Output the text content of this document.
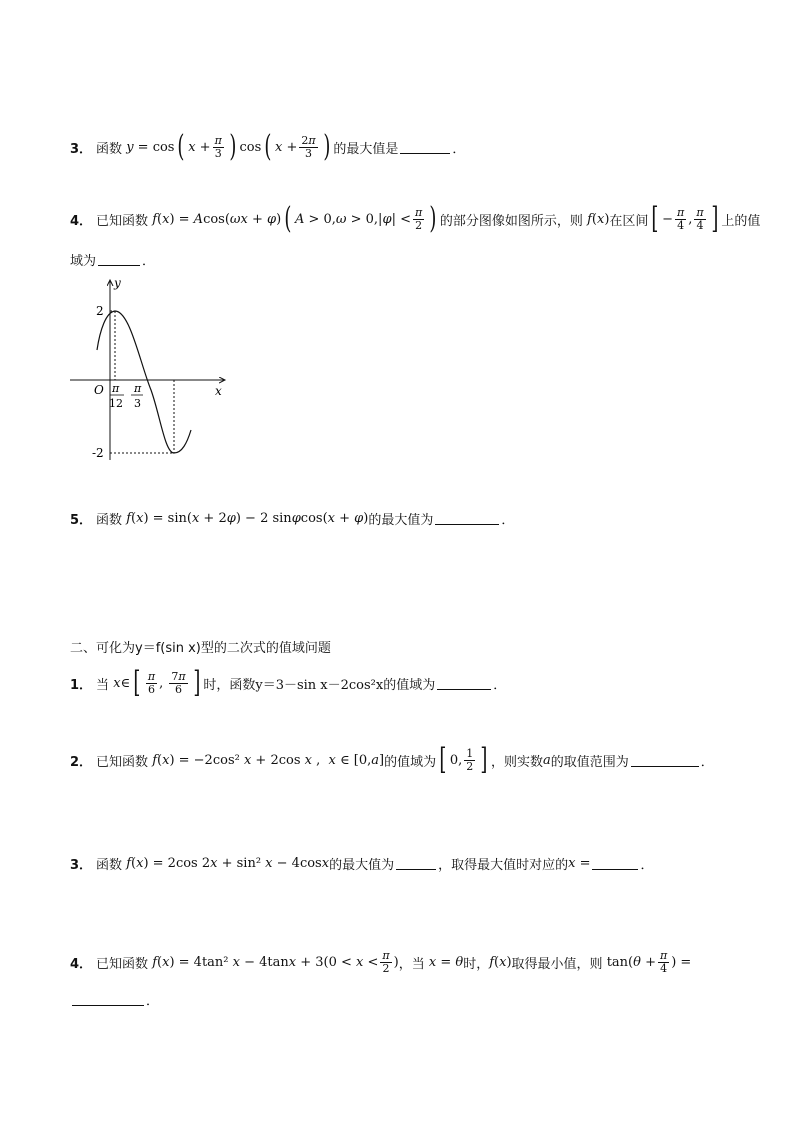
3． 函数 y = cos ( $x + \frac{\pi}{3}$ ) cos ( $x + \frac{2\pi}{3}$ ) 的最大值是	．
4． 已知函数 f ( x ) = A cos( ωx + φ ) ( A > 0, ω > 0,| φ | < $\frac{\pi}{2}$ ) 的部分图像如图所示，则 f ( x ) 在区间 [ − $\frac{\pi}{4}$ , $\frac{\pi}{4}$ ] 上的值
域为	．
y
x
O
2
-2
π
12
π
3
5． 函数 f ( x ) = sin( x + 2 φ ) − 2 sin φ cos( x + φ ) 的最大值为	．
二、可化为y＝f(sin x)型的二次式的值域问题
1． 当 x ∈ [ $\frac{\pi}{6}$ , $\frac{7\pi}{6}$ ] 时，函数 y＝3－sin x－2cos²x 的值域为	．
2． 已知函数 f ( x ) = −2cos² x + 2cos x , x ∈ [0, a ] 的值域为 [ 0, $\frac{1}{2}$ ] ，则实数 a 的取值范围为	．
3． 函数 f ( x ) = 2cos 2 x + sin² x − 4cos x 的最大值为	，取得最大值时对应的 x =	．
4． 已知函数 f ( x ) = 4tan² x − 4tan $x + 3(0 < x < \frac{\pi}{2}$ ) ，当 x = θ 时， f ( x ) 取得最小值，则 tan( $\theta + \frac{\pi}{4}$ ) =
．
